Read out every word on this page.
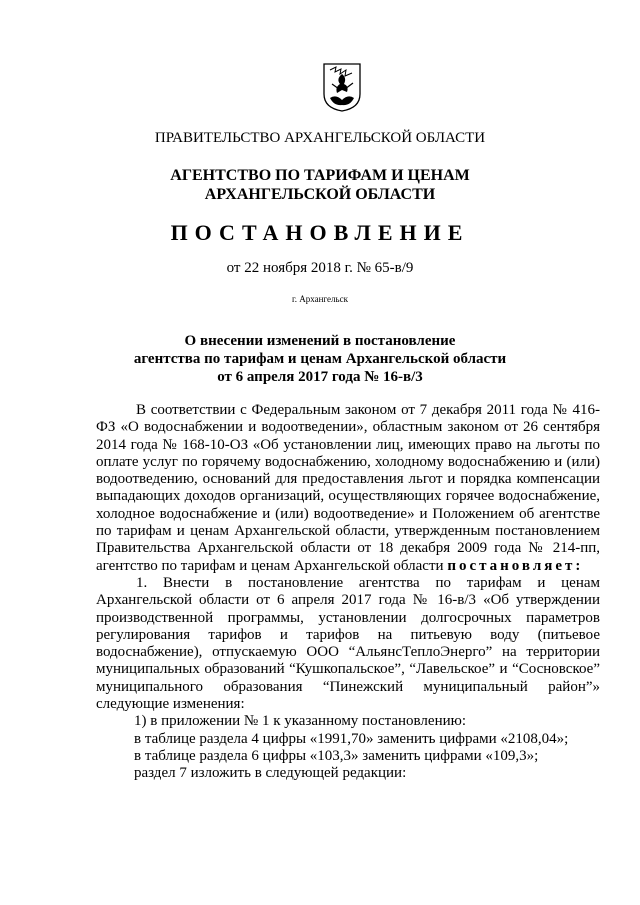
ПРАВИТЕЛЬСТВО АРХАНГЕЛЬСКОЙ ОБЛАСТИ
АГЕНТСТВО ПО ТАРИФАМ И ЦЕНАМ
АРХАНГЕЛЬСКОЙ ОБЛАСТИ
ПОСТАНОВЛЕНИЕ
от 22 ноября 2018 г. № 65-в/9
г. Архангельск
О внесении изменений в постановление
агентства по тарифам и ценам Архангельской области
от 6 апреля 2017 года № 16-в/3

В соответствии с Федеральным законом от 7 декабря 2011 года № 416-ФЗ «О водоснабжении и водоотведении», областным законом от 26 сентября 2014 года № 168-10-ОЗ «Об установлении лиц, имеющих право на льготы по оплате услуг по горячему водоснабжению, холодному водоснабжению и (или) водоотведению, оснований для предоставления льгот и порядка компенсации выпадающих доходов организаций, осуществляющих горячее водоснабжение, холодное водоснабжение и (или) водоотведение» и Положением об агентстве по тарифам и ценам Архангельской области, утвержденным постановлением Правительства Архангельской области от 18 декабря 2009 года № 214-пп, агентство по тарифам и ценам Архангельской области постановляет:

1. Внести в постановление агентства по тарифам и ценам Архангельской области от 6 апреля 2017 года № 16-в/3 «Об утверждении производственной программы, установлении долгосрочных параметров регулирования тарифов и тарифов на питьевую воду (питьевое водоснабжение), отпускаемую ООО “АльянсТеплоЭнерго” на территории муниципальных образований “Кушкопальское”, “Лавельское” и “Сосновское” муниципального образования “Пинежский муниципальный район”» следующие изменения:

1) в приложении № 1 к указанному постановлению:

в таблице раздела 4 цифры «1991,70» заменить цифрами «2108,04»;

в таблице раздела 6 цифры «103,3» заменить цифрами «109,3»;

раздел 7 изложить в следующей редакции:
